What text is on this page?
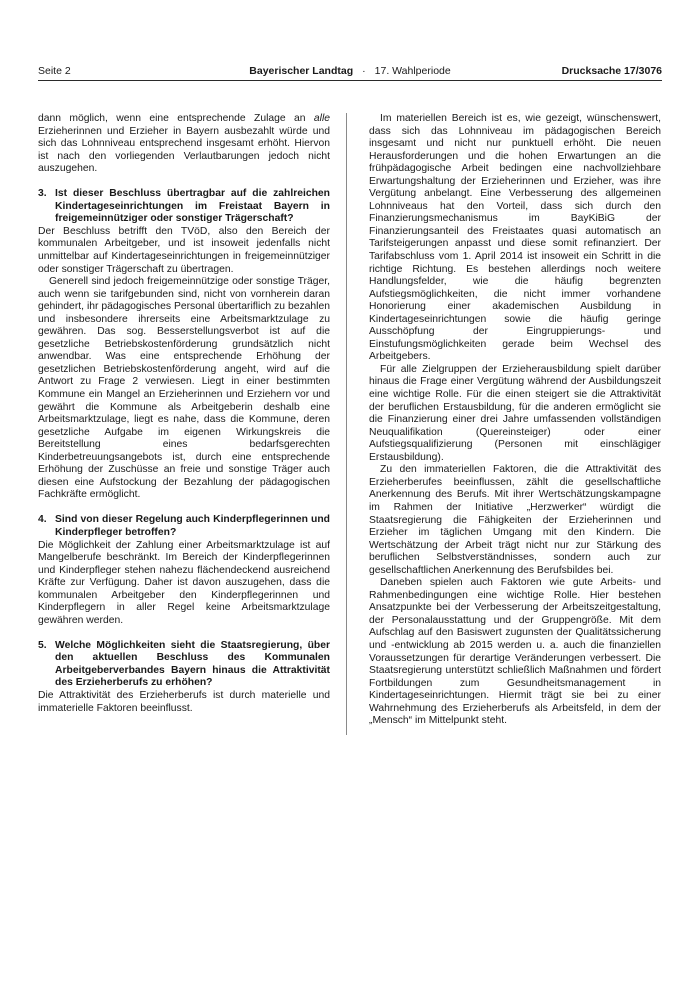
Seite 2	Bayerischer Landtag · 17. Wahlperiode	Drucksache 17/3076

dann möglich, wenn eine entsprechende Zulage an alle Erzieherinnen und Erzieher in Bayern ausbezahlt würde und sich das Lohnniveau entsprechend insgesamt erhöht. Hiervon ist nach den vorliegenden Verlautbarungen jedoch nicht auszugehen.

3. Ist dieser Beschluss übertragbar auf die zahlreichen Kindertageseinrichtungen im Freistaat Bayern in freigemeinnütziger oder sonstiger Trägerschaft?

Der Beschluss betrifft den TVöD, also den Bereich der kommunalen Arbeitgeber, und ist insoweit jedenfalls nicht unmittelbar auf Kindertageseinrichtungen in freigemeinnütziger oder sonstiger Trägerschaft zu übertragen.

Generell sind jedoch freigemeinnützige oder sonstige Träger, auch wenn sie tarifgebunden sind, nicht von vornherein daran gehindert, ihr pädagogisches Personal übertariflich zu bezahlen und insbesondere ihrerseits eine Arbeitsmarktzulage zu gewähren. Das sog. Besserstellungsverbot ist auf die gesetzliche Betriebskostenförderung grundsätzlich nicht anwendbar. Was eine entsprechende Erhöhung der gesetzlichen Betriebskostenförderung angeht, wird auf die Antwort zu Frage 2 verwiesen. Liegt in einer bestimmten Kommune ein Mangel an Erzieherinnen und Erziehern vor und gewährt die Kommune als Arbeitgeberin deshalb eine Arbeitsmarktzulage, liegt es nahe, dass die Kommune, deren gesetzliche Aufgabe im eigenen Wirkungskreis die Bereitstellung eines bedarfsgerechten Kinderbetreuungsangebots ist, durch eine entsprechende Erhöhung der Zuschüsse an freie und sonstige Träger auch diesen eine Aufstockung der Bezahlung der pädagogischen Fachkräfte ermöglicht.

4. Sind von dieser Regelung auch Kinderpflegerinnen und Kinderpfleger betroffen?

Die Möglichkeit der Zahlung einer Arbeitsmarktzulage ist auf Mangelberufe beschränkt. Im Bereich der Kinderpflegerinnen und Kinderpfleger stehen nahezu flächendeckend ausreichend Kräfte zur Verfügung. Daher ist davon auszugehen, dass die kommunalen Arbeitgeber den Kinderpflegerinnen und Kinderpflegern in aller Regel keine Arbeitsmarktzulage gewähren werden.

5. Welche Möglichkeiten sieht die Staatsregierung, über den aktuellen Beschluss des Kommunalen Arbeitgeberverbandes Bayern hinaus die Attraktivität des Erzieherberufs zu erhöhen?

Die Attraktivität des Erzieherberufs ist durch materielle und immaterielle Faktoren beeinflusst.

Im materiellen Bereich ist es, wie gezeigt, wünschenswert, dass sich das Lohnniveau im pädagogischen Bereich insgesamt und nicht nur punktuell erhöht. Die neuen Herausforderungen und die hohen Erwartungen an die frühpädagogische Arbeit bedingen eine nachvollziehbare Erwartungshaltung der Erzieherinnen und Erzieher, was ihre Vergütung anbelangt. Eine Verbesserung des allgemeinen Lohnniveaus hat den Vorteil, dass sich durch den Finanzierungsmechanismus im BayKiBiG der Finanzierungsanteil des Freistaates quasi automatisch an Tarifsteigerungen anpasst und diese somit refinanziert. Der Tarifabschluss vom 1. April 2014 ist insoweit ein Schritt in die richtige Richtung. Es bestehen allerdings noch weitere Handlungsfelder, wie die häufig begrenzten Aufstiegsmöglichkeiten, die nicht immer vorhandene Honorierung einer akademischen Ausbildung in Kindertageseinrichtungen sowie die häufig geringe Ausschöpfung der Eingruppierungs- und Einstufungsmöglichkeiten gerade beim Wechsel des Arbeitgebers.

Für alle Zielgruppen der Erzieherausbildung spielt darüber hinaus die Frage einer Vergütung während der Ausbildungszeit eine wichtige Rolle. Für die einen steigert sie die Attraktivität der beruflichen Erstausbildung, für die anderen ermöglicht sie die Finanzierung einer drei Jahre umfassenden vollständigen Neuqualifikation (Quereinsteiger) oder einer Aufstiegsqualifizierung (Personen mit einschlägiger Erstausbildung).

Zu den immateriellen Faktoren, die die Attraktivität des Erzieherberufes beeinflussen, zählt die gesellschaftliche Anerkennung des Berufs. Mit ihrer Wertschätzungskampagne im Rahmen der Initiative „Herzwerker“ würdigt die Staatsregierung die Fähigkeiten der Erzieherinnen und Erzieher im täglichen Umgang mit den Kindern. Die Wertschätzung der Arbeit trägt nicht nur zur Stärkung des beruflichen Selbstverständnisses, sondern auch zur gesellschaftlichen Anerkennung des Berufsbildes bei.

Daneben spielen auch Faktoren wie gute Arbeits- und Rahmenbedingungen eine wichtige Rolle. Hier bestehen Ansatzpunkte bei der Verbesserung der Arbeitszeitgestaltung, der Personalausstattung und der Gruppengröße. Mit dem Aufschlag auf den Basiswert zugunsten der Qualitätssicherung und -entwicklung ab 2015 werden u. a. auch die finanziellen Voraussetzungen für derartige Veränderungen verbessert. Die Staatsregierung unterstützt schließlich Maßnahmen und fördert Fortbildungen zum Gesundheitsmanagement in Kindertageseinrichtungen. Hiermit trägt sie bei zu einer Wahrnehmung des Erzieherberufs als Arbeitsfeld, in dem der „Mensch“ im Mittelpunkt steht.
